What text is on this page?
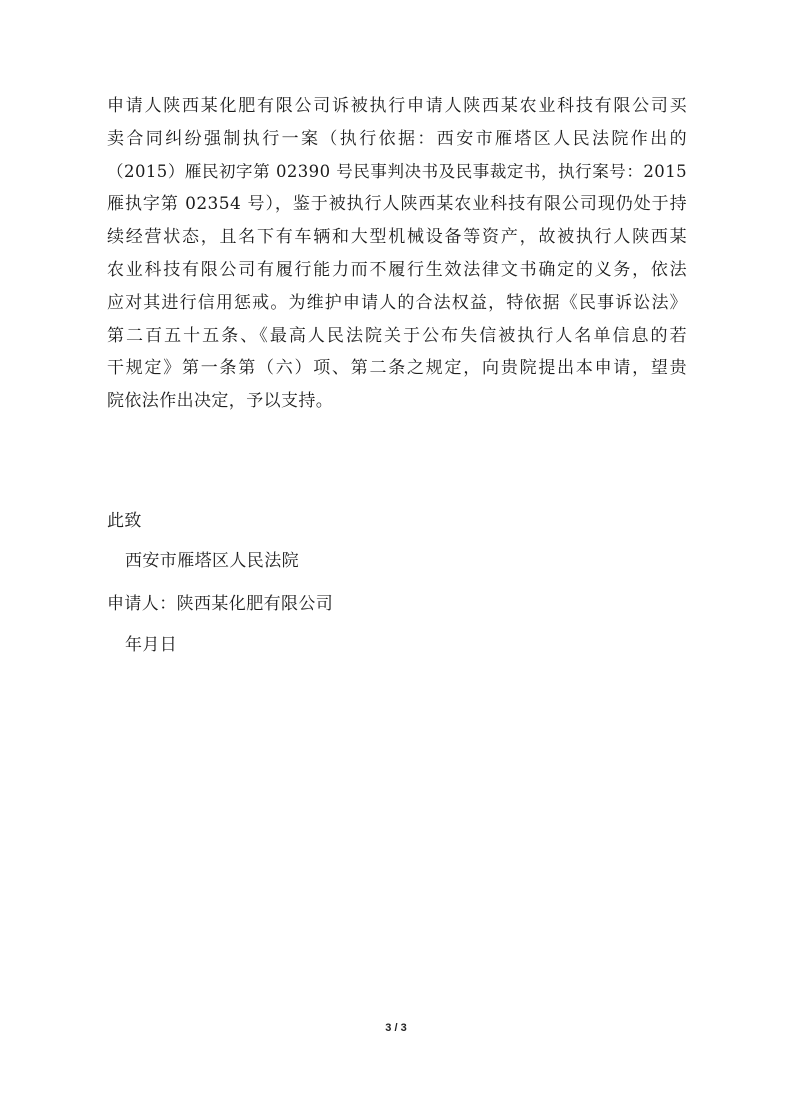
申请人陕西某化肥有限公司诉被执行申请人陕西某农业科技有限公司买
卖合同纠纷强制执行一案（执行依据：西安市雁塔区人民法院作出的
（2015）雁民初字第 02390 号民事判决书及民事裁定书，执行案号：2015
雁执字第 02354 号），鉴于被执行人陕西某农业科技有限公司现仍处于持
续经营状态，且名下有车辆和大型机械设备等资产，故被执行人陕西某
农业科技有限公司有履行能力而不履行生效法律文书确定的义务，依法
应对其进行信用惩戒。为维护申请人的合法权益，特依据《民事诉讼法》
第二百五十五条、《最高人民法院关于公布失信被执行人名单信息的若
干规定》第一条第（六）项、第二条之规定，向贵院提出本申请，望贵
院依法作出决定，予以支持。
此致
西安市雁塔区人民法院
申请人：陕西某化肥有限公司
年月日
3 / 3
